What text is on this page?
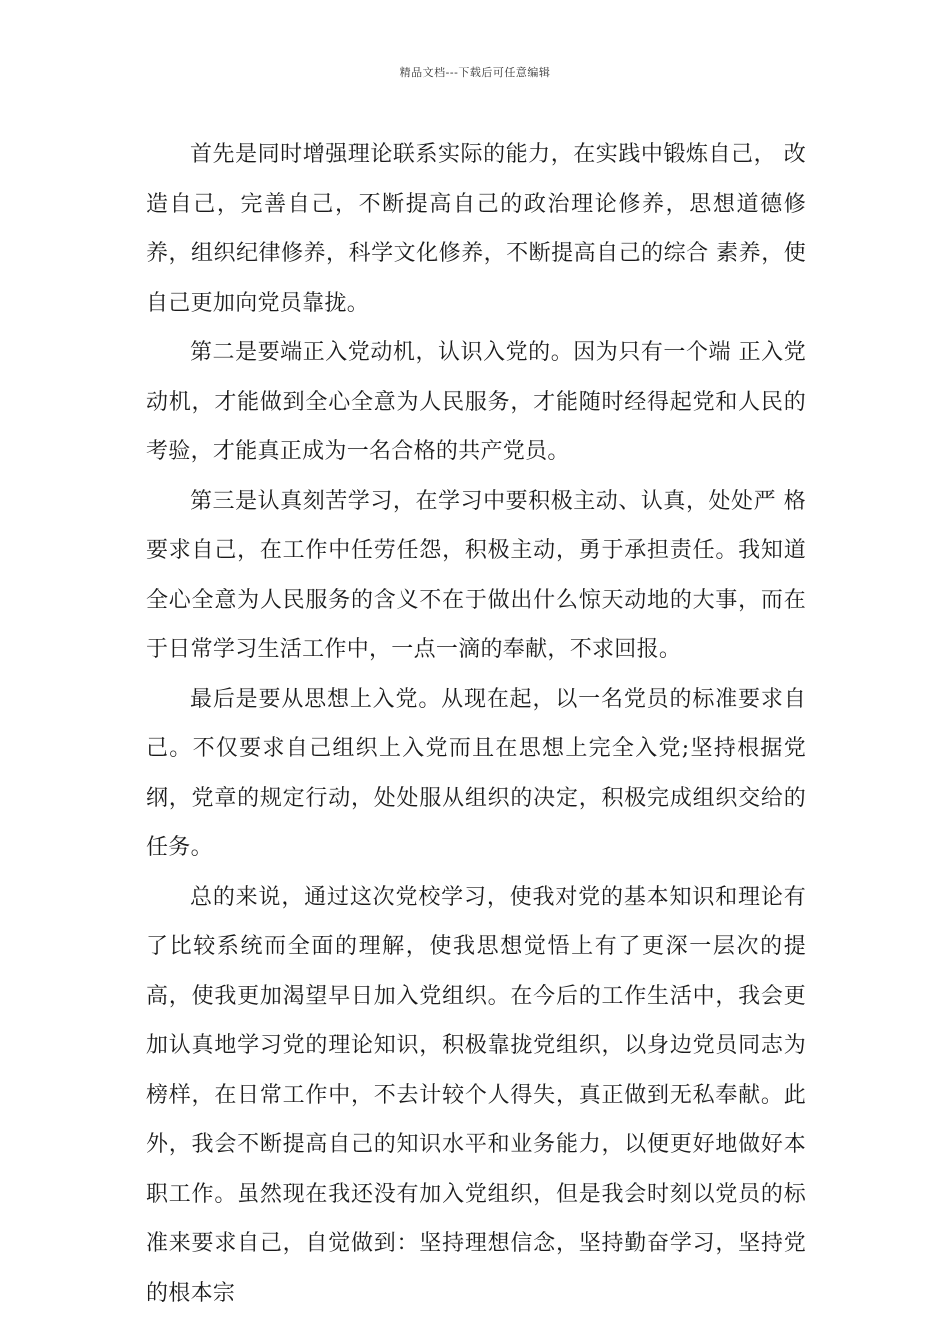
精品文档---下载后可任意编辑

首先是同时增强理论联系实际的能力，在实践中锻炼自己， 改造自己，完善自己，不断提高自己的政治理论修养，思想道德修养，组织纪律修养，科学文化修养，不断提高自己的综合 素养，使自己更加向党员靠拢。

第二是要端正入党动机，认识入党的。因为只有一个端 正入党动机，才能做到全心全意为人民服务，才能随时经得起党和人民的考验，才能真正成为一名合格的共产党员。

第三是认真刻苦学习，在学习中要积极主动、认真，处处严 格要求自己，在工作中任劳任怨，积极主动，勇于承担责任。我知道全心全意为人民服务的含义不在于做出什么惊天动地的大事，而在于日常学习生活工作中，一点一滴的奉献，不求回报。

最后是要从思想上入党。从现在起，以一名党员的标准要求自己。不仅要求自己组织上入党而且在思想上完全入党;坚持根据党纲，党章的规定行动，处处服从组织的决定，积极完成组织交给的任务。

总的来说，通过这次党校学习，使我对党的基本知识和理论有了比较系统而全面的理解，使我思想觉悟上有了更深一层次的提高，使我更加渴望早日加入党组织。在今后的工作生活中，我会更加认真地学习党的理论知识，积极靠拢党组织，以身边党员同志为榜样，在日常工作中，不去计较个人得失，真正做到无私奉献。此外，我会不断提高自己的知识水平和业务能力，以便更好地做好本职工作。虽然现在我还没有加入党组织，但是我会时刻以党员的标准来要求自己，自觉做到：坚持理想信念，坚持勤奋学习，坚持党的根本宗
